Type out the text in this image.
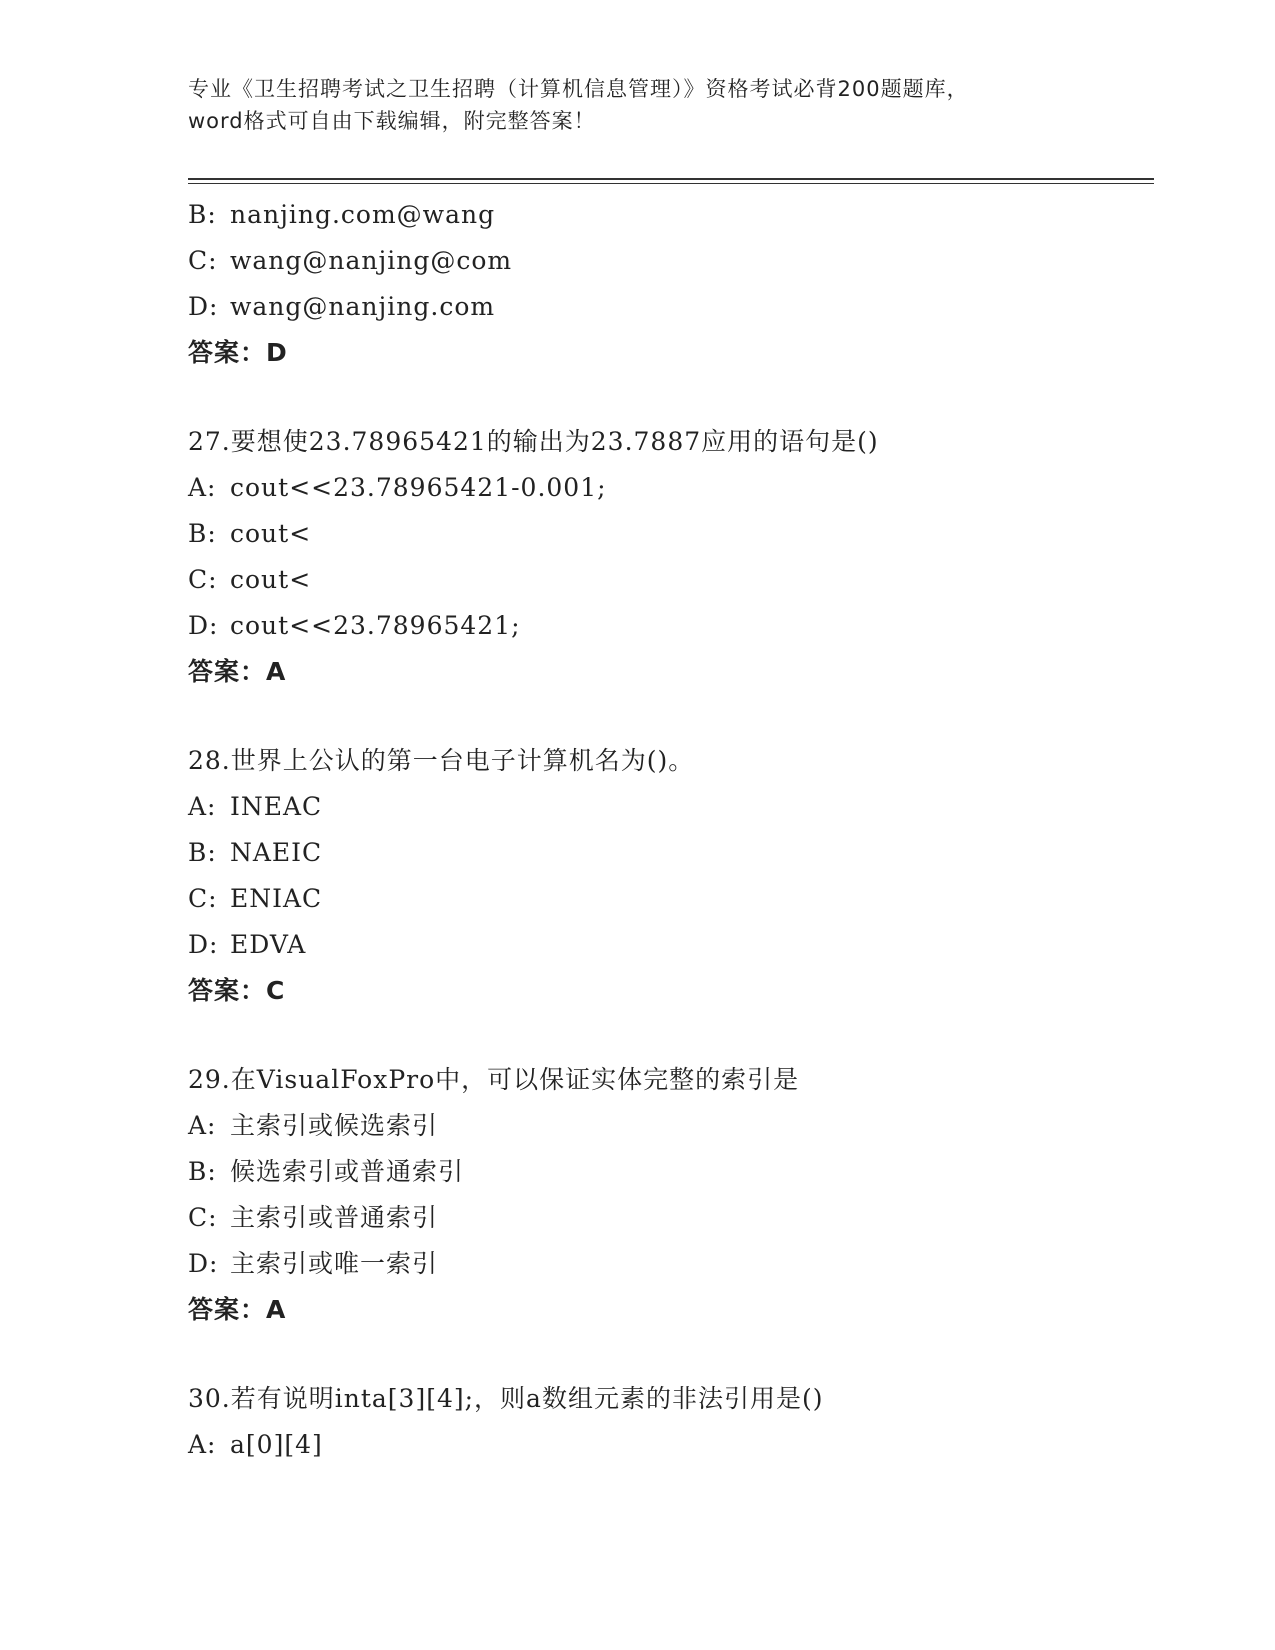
专业《卫生招聘考试之卫生招聘（计算机信息管理）》资格考试必背200题题库，
word格式可自由下载编辑，附完整答案！
B: nanjing.com@wang
C: wang@nanjing@com
D: wang@nanjing.com
答案：D
27.要想使23.78965421的输出为23.7887应用的语句是()
A: cout<<23.78965421-0.001;
B: cout<
C: cout<
D: cout<<23.78965421;
答案：A
28.世界上公认的第一台电子计算机名为()。
A: INEAC
B: NAEIC
C: ENIAC
D: EDVA
答案：C
29.在VisualFoxPro中，可以保证实体完整的索引是
A: 主索引或候选索引
B: 候选索引或普通索引
C: 主索引或普通索引
D: 主索引或唯一索引
答案：A
30.若有说明inta[3][4];，则a数组元素的非法引用是()
A: a[0][4]
